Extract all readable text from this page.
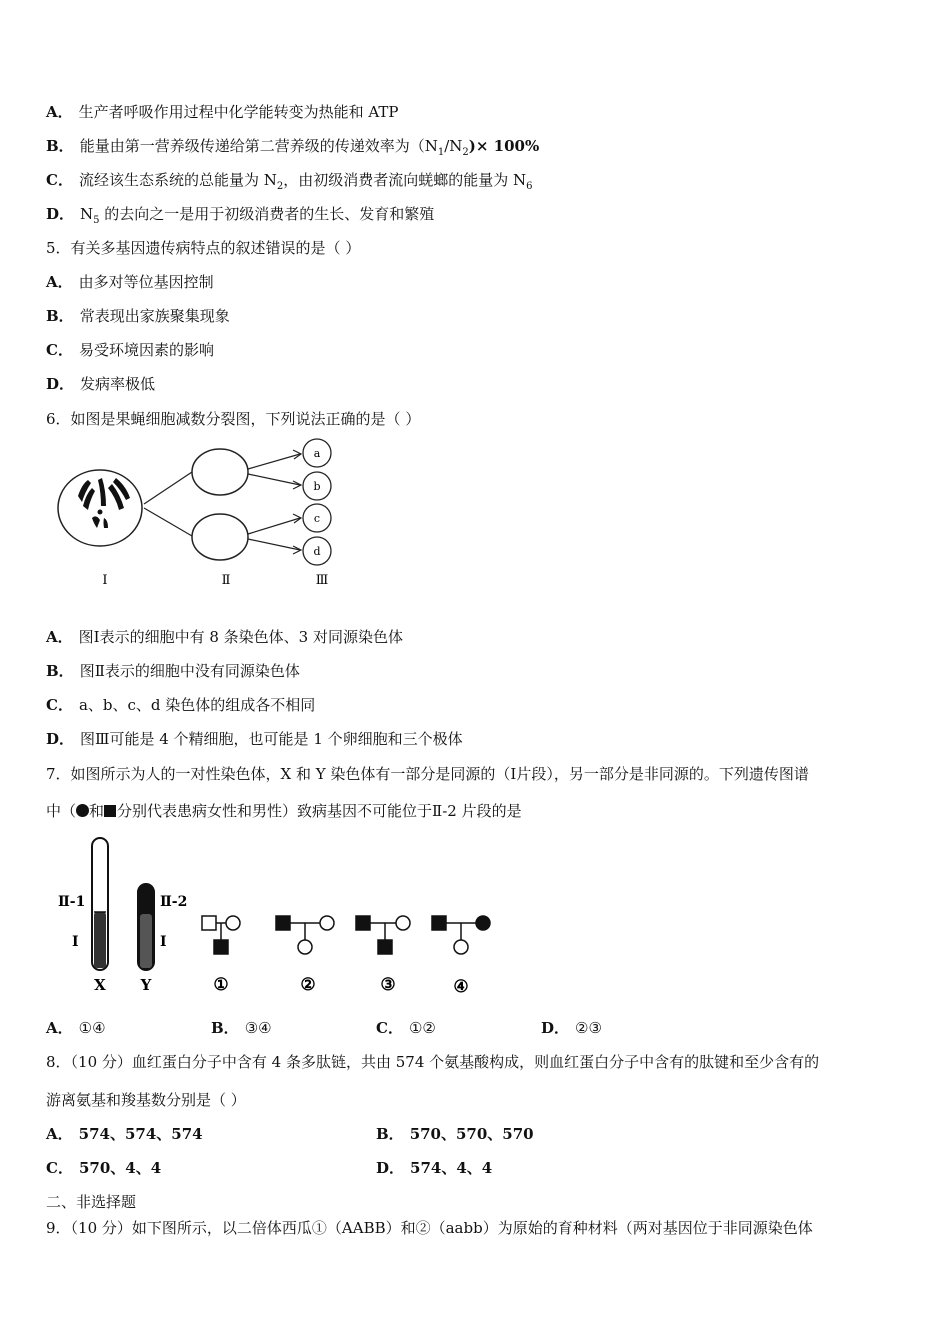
A． 生产者呼吸作用过程中化学能转变为热能和 ATP
B． 能量由第一营养级传递给第二营养级的传递效率为$(N_1/N_2)\times 100\%$
C． 流经该生态系统的总能量为 $N_2$，由初级消费者流向蜣螂的能量为 $N_6$
D． $N_5$ 的去向之一是用于初级消费者的生长、发育和繁殖
5．有关多基因遗传病特点的叙述错误的是（ ）
A． 由多对等位基因控制
B． 常表现出家族聚集现象
C． 易受环境因素的影响
D． 发病率极低
6．如图是果蝇细胞减数分裂图，下列说法正确的是（ ）
a
b
c
d
Ⅰ	Ⅱ	Ⅲ
A． 图Ⅰ表示的细胞中有 8 条染色体、3 对同源染色体
B． 图Ⅱ表示的细胞中没有同源染色体
C． a、b、c、d 染色体的组成各不相同
D． 图Ⅲ可能是 4 个精细胞，也可能是 1 个卵细胞和三个极体
7．如图所示为人的一对性染色体，X 和 Y 染色体有一部分是同源的（Ⅰ片段），另一部分是非同源的。下列遗传图谱
中（ 和 分别代表患病女性和男性）致病基因不可能位于Ⅱ-2 片段的是
Ⅱ-1
Ⅰ
X
Ⅱ-2
Ⅰ
Y	①	②	③	④
A． ①④	B． ③④	C． ①②	D． ②③
8．（10 分）血红蛋白分子中含有 4 条多肽链，共由 574 个氨基酸构成，则血红蛋白分子中含有的肽键和至少含有的
游离氨基和羧基数分别是（ ）
A． 574、574、574	B． 570、570、570
C． 570、4、4	D． 574、4、4
二、非选择题
9．（10 分）如下图所示，以二倍体西瓜①（AABB）和②（aabb）为原始的育种材料（两对基因位于非同源染色体
